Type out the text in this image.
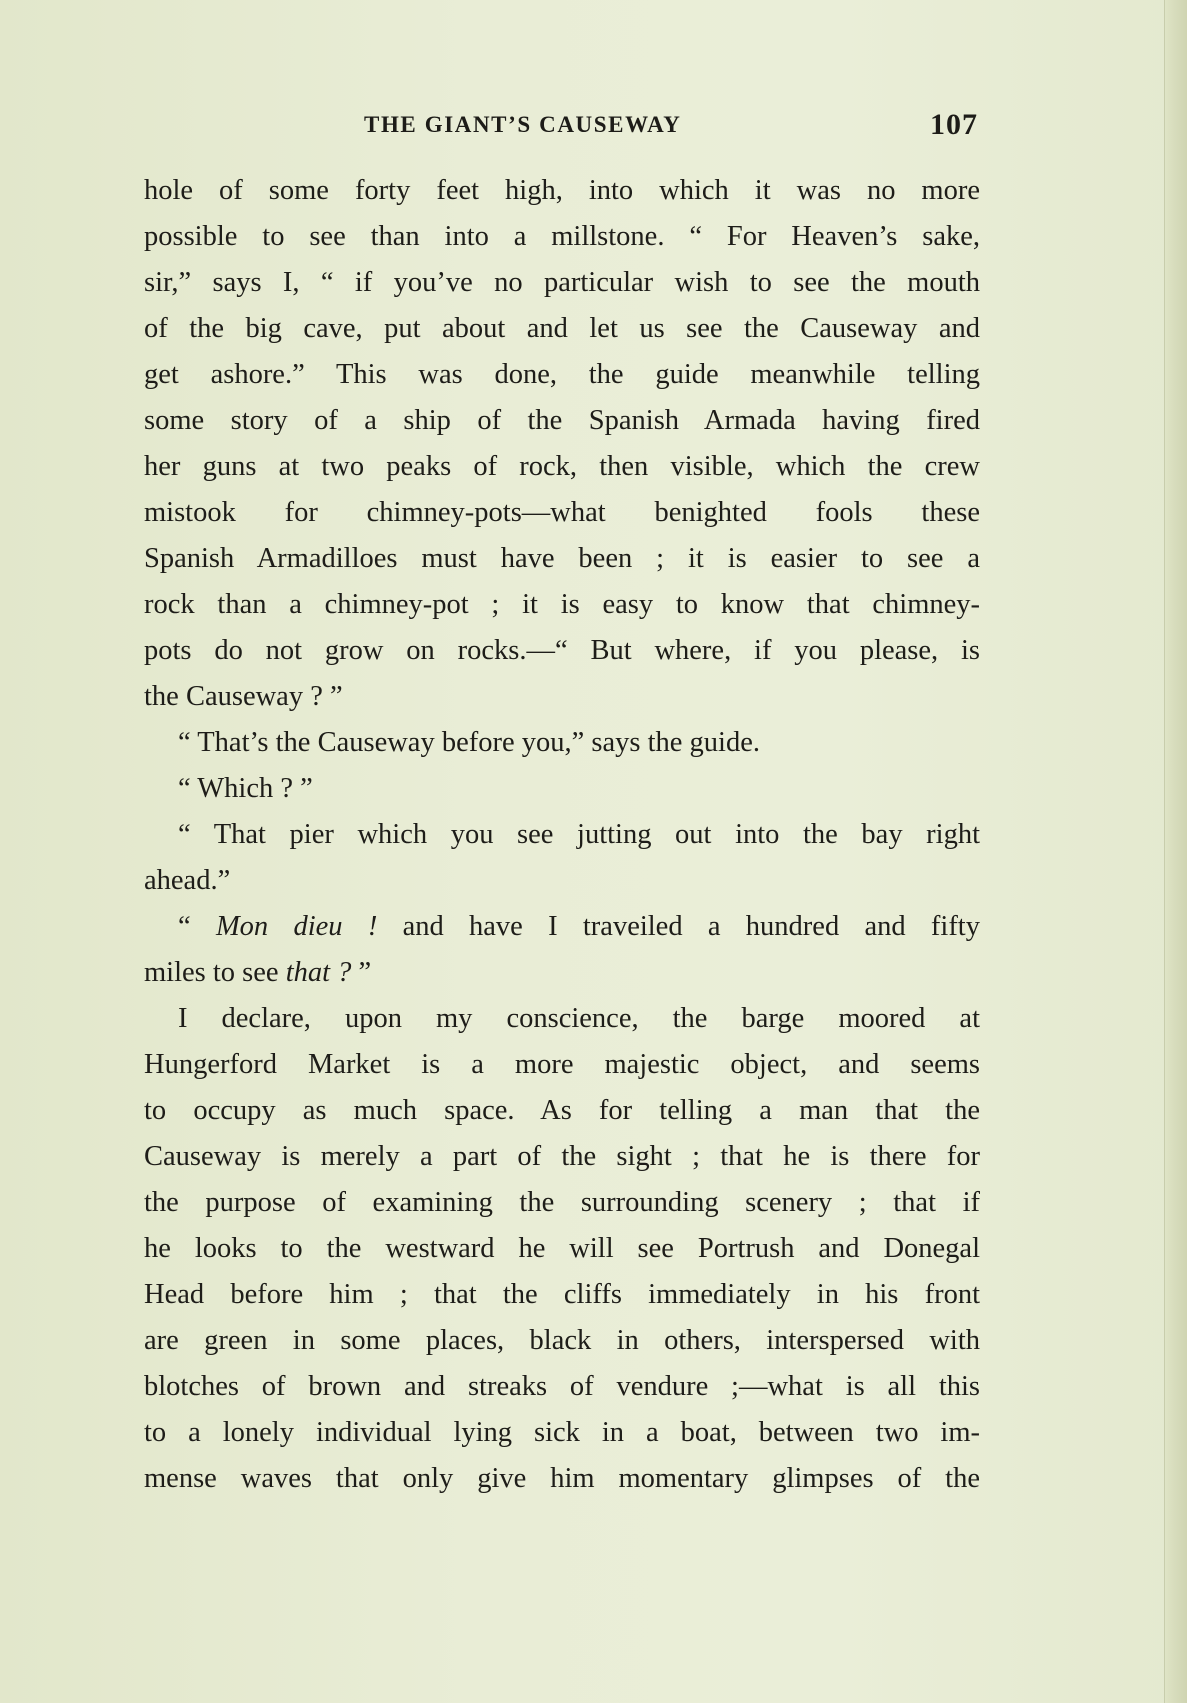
THE GIANT’S CAUSEWAY	107
hole of some forty feet high, into which it was no more
possible to see than into a millstone. “ For Heaven’s sake,
sir,” says I, “ if you’ve no particular wish to see the mouth
of the big cave, put about and let us see the Causeway and
get ashore.” This was done, the guide meanwhile telling
some story of a ship of the Spanish Armada having fired
her guns at two peaks of rock, then visible, which the crew
mistook for chimney-pots—what benighted fools these
Spanish Armadilloes must have been ; it is easier to see a
rock than a chimney-pot ; it is easy to know that chimney-
pots do not grow on rocks.—“ But where, if you please, is
the Causeway ? ”
“ That’s the Causeway before you,” says the guide.
“ Which ? ”
“ That pier which you see jutting out into the bay right
ahead.”
“ Mon dieu ! and have I traveiled a hundred and fifty
miles to see that ? ”
I declare, upon my conscience, the barge moored at
Hungerford Market is a more majestic object, and seems
to occupy as much space. As for telling a man that the
Causeway is merely a part of the sight ; that he is there for
the purpose of examining the surrounding scenery ; that if
he looks to the westward he will see Portrush and Donegal
Head before him ; that the cliffs immediately in his front
are green in some places, black in others, interspersed with
blotches of brown and streaks of vendure ;—what is all this
to a lonely individual lying sick in a boat, between two im-
mense waves that only give him momentary glimpses of the
